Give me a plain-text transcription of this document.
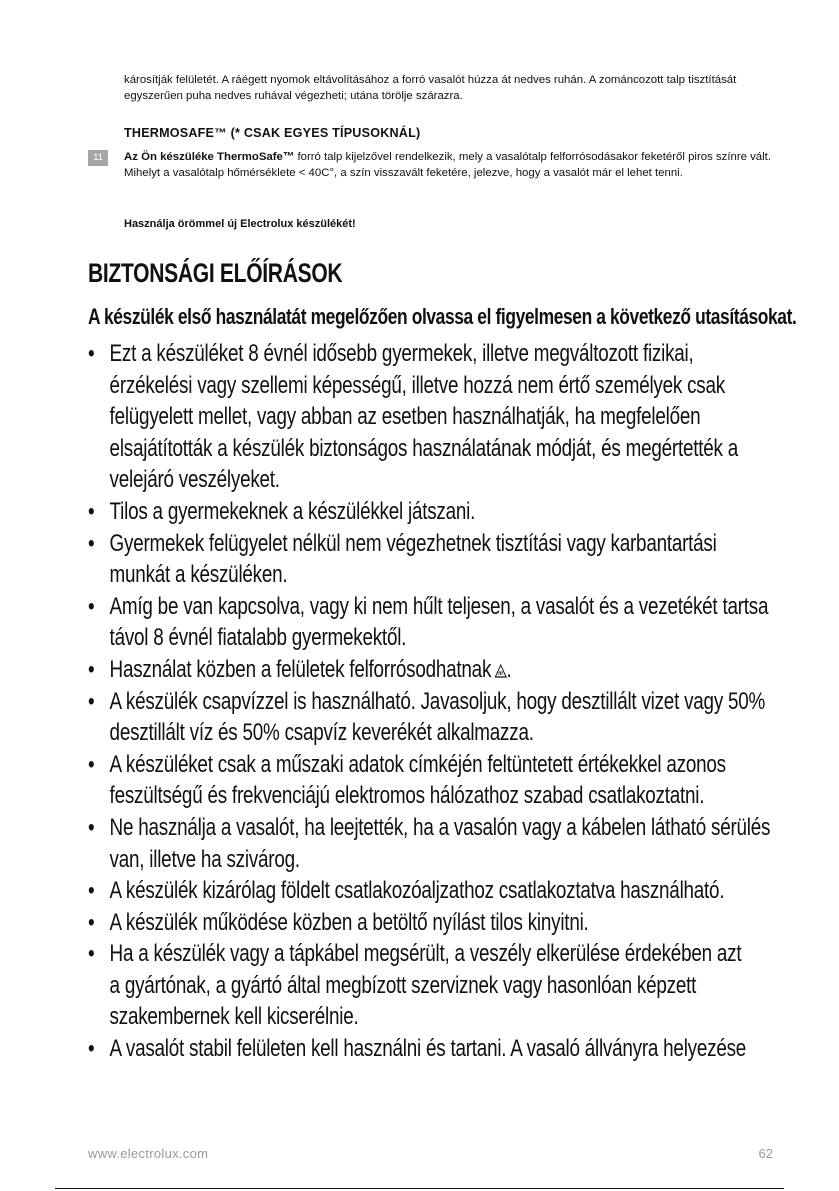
károsítják felületét. A ráégett nyomok eltávolításához a forró vasalót húzza át nedves ruhán. A zománcozott talp tisztítását egyszerűen puha nedves ruhával végezheti; utána törölje szárazra.
THERMOSAFE™ (* CSAK EGYES TÍPUSOKNÁL)
11	Az Ön készüléke ThermoSafe™ forró talp kijelzővel rendelkezik, mely a vasalótalp felforrósodásakor feketéről piros színre vált. Mihelyt a vasalótalp hőmérséklete < 40C°, a szín visszavált feketére, jelezve, hogy a vasalót már el lehet tenni.
Használja örömmel új Electrolux készülékét!
BIZTONSÁGI ELŐÍRÁSOK
A készülék első használatát megelőzően olvassa el figyelmesen a következő utasításokat.
• Ezt a készüléket 8 évnél idősebb gyermekek, illetve megváltozott fizikai,
érzékelési vagy szellemi képességű, illetve hozzá nem értő személyek csak
felügyelett mellet, vagy abban az esetben használhatják, ha megfelelően
elsajátították a készülék biztonságos használatának módját, és megértették a
velejáró veszélyeket.
• Tilos a gyermekeknek a készülékkel játszani.
• Gyermekek felügyelet nélkül nem végezhetnek tisztítási vagy karbantartási
munkát a készüléken.
• Amíg be van kapcsolva, vagy ki nem hűlt teljesen, a vasalót és a vezetékét tartsa
távol 8 évnél fiatalabb gyermekektől.
• Használat közben a felületek felforrósodhatnak .
• A készülék csapvízzel is használható. Javasoljuk, hogy desztillált vizet vagy 50%
desztillált víz és 50% csapvíz keverékét alkalmazza.
• A készüléket csak a műszaki adatok címkéjén feltüntetett értékekkel azonos
feszültségű és frekvenciájú elektromos hálózathoz szabad csatlakoztatni.
• Ne használja a vasalót, ha leejtették, ha a vasalón vagy a kábelen látható sérülés
van, illetve ha szivárog.
• A készülék kizárólag földelt csatlakozóaljzathoz csatlakoztatva használható.
• A készülék működése közben a betöltő nyílást tilos kinyitni.
• Ha a készülék vagy a tápkábel megsérült, a veszély elkerülése érdekében azt
a gyártónak, a gyártó által megbízott szerviznek vagy hasonlóan képzett
szakembernek kell kicserélnie.
• A vasalót stabil felületen kell használni és tartani. A vasaló állványra helyezése
www.electrolux.com	62
